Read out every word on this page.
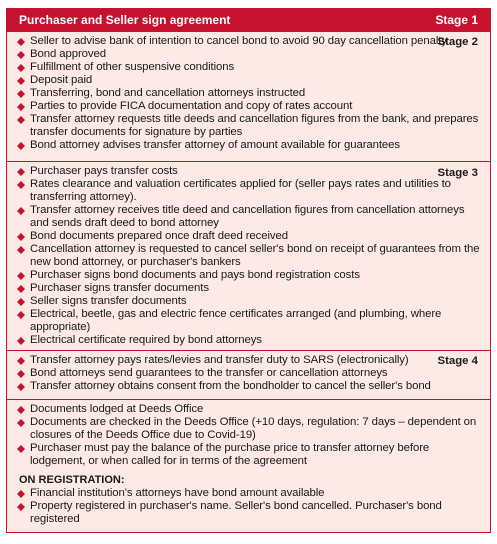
Purchaser and Seller sign agreement	Stage 1
Stage 2
Seller to advise bank of intention to cancel bond to avoid 90 day cancellation penalty
Bond approved
Fulfillment of other suspensive conditions
Deposit paid
Transferring, bond and cancellation attorneys instructed
Parties to provide FICA documentation and copy of rates account
Transfer attorney requests title deeds and cancellation figures from the bank, and prepares transfer documents for signature by parties
Bond attorney advises transfer attorney of amount available for guarantees
Stage 3
Purchaser pays transfer costs
Rates clearance and valuation certificates applied for (seller pays rates and utilities to transferring attorney).
Transfer attorney receives title deed and cancellation figures from cancellation attorneys and sends draft deed to bond attorney
Bond documents prepared once draft deed received
Cancellation attorney is requested to cancel seller's bond on receipt of guarantees from the new bond attorney, or purchaser's bankers
Purchaser signs bond documents and pays bond registration costs
Purchaser signs transfer documents
Seller signs transfer documents
Electrical, beetle, gas and electric fence certificates arranged (and plumbing, where appropriate)
Electrical certificate required by bond attorneys
Stage 4
Transfer attorney pays rates/levies and transfer duty to SARS (electronically)
Bond attorneys send guarantees to the transfer or cancellation attorneys
Transfer attorney obtains consent from the bondholder to cancel the seller's bond
Documents lodged at Deeds Office
Documents are checked in the Deeds Office (+10 days, regulation: 7 days – dependent on closures of the Deeds Office due to Covid-19)
Purchaser must pay the balance of the purchase price to transfer attorney before lodgement, or when called for in terms of the agreement
ON REGISTRATION:
Financial institution's attorneys have bond amount available
Property registered in purchaser's name. Seller's bond cancelled. Purchaser's bond registered
